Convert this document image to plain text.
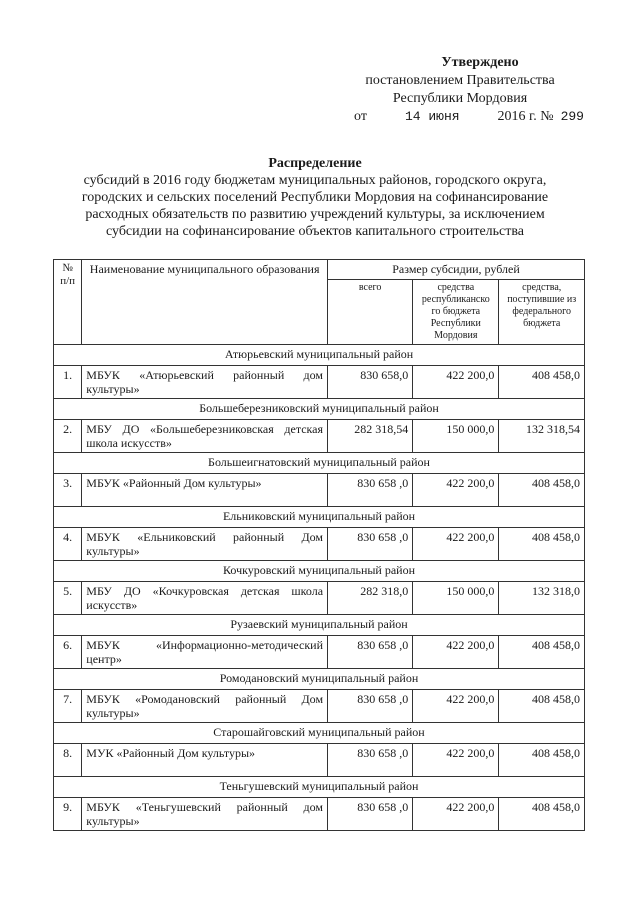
Утверждено
постановлением Правительства
Республики Мордовия
от	14 июня	2016 г. № 299
Распределение
субсидий в 2016 году бюджетам муниципальных районов, городского округа, городских и сельских поселений Республики Мордовия на софинансирование расходных обязательств по развитию учреждений культуры, за исключением субсидии на софинансирование объектов капитального строительства
№ п/п	Наименование муниципального образования	Размер субсидии, рублей		
		всего	средства республиканско го бюджета Республики Мордовия	средства, поступившие из федерального бюджета
Атюрьевский муниципальный район				
1.	МБУК «Атюрьевский районный дом культуры»	830 658,0	422 200,0	408 458,0
Большеберезниковский муниципальный район				
2.	МБУ ДО «Большеберезниковская детская школа искусств»	282 318,54	150 000,0	132 318,54
Большеигнатовский муниципальный район				
3.	МБУК «Районный Дом культуры»	830 658 ,0	422 200,0	408 458,0
Ельниковский муниципальный район				
4.	МБУК «Ельниковский районный Дом культуры»	830 658 ,0	422 200,0	408 458,0
Кочкуровский муниципальный район				
5.	МБУ ДО «Кочкуровская детская школа искусств»	282 318,0	150 000,0	132 318,0
Рузаевский муниципальный район				
6.	МБУК «Информационно-методический центр»	830 658 ,0	422 200,0	408 458,0
Ромодановский муниципальный район				
7.	МБУК «Ромодановский районный Дом культуры»	830 658 ,0	422 200,0	408 458,0
Старошайговский муниципальный район				
8.	МУК «Районный Дом культуры»	830 658 ,0	422 200,0	408 458,0
Теньгушевский муниципальный район				
9.	МБУК «Теньгушевский районный дом культуры»	830 658 ,0	422 200,0	408 458,0
